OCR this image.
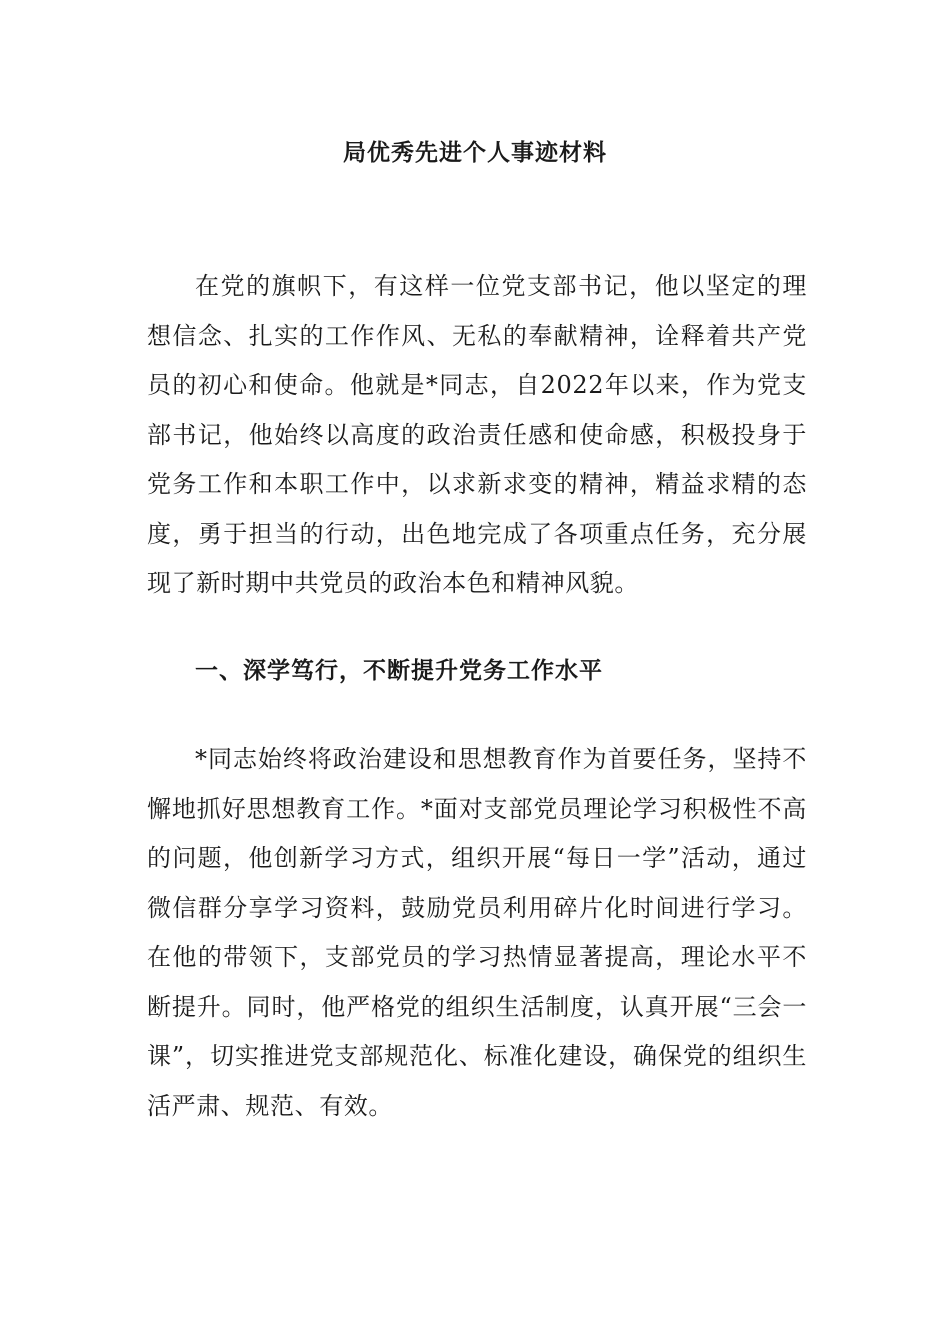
局优秀先进个人事迹材料

在党的旗帜下，有这样一位党支部书记，他以坚定的理想信念、扎实的工作作风、无私的奉献精神，诠释着共产党员的初心和使命。他就是*同志，自2022年以来，作为党支部书记，他始终以高度的政治责任感和使命感，积极投身于党务工作和本职工作中，以求新求变的精神，精益求精的态度，勇于担当的行动，出色地完成了各项重点任务，充分展现了新时期中共党员的政治本色和精神风貌。

一、深学笃行，不断提升党务工作水平

*同志始终将政治建设和思想教育作为首要任务，坚持不懈地抓好思想教育工作。*面对支部党员理论学习积极性不高的问题，他创新学习方式，组织开展“每日一学”活动，通过微信群分享学习资料，鼓励党员利用碎片化时间进行学习。在他的带领下，支部党员的学习热情显著提高，理论水平不断提升。同时，他严格党的组织生活制度，认真开展“三会一课”，切实推进党支部规范化、标准化建设，确保党的组织生活严肃、规范、有效。
